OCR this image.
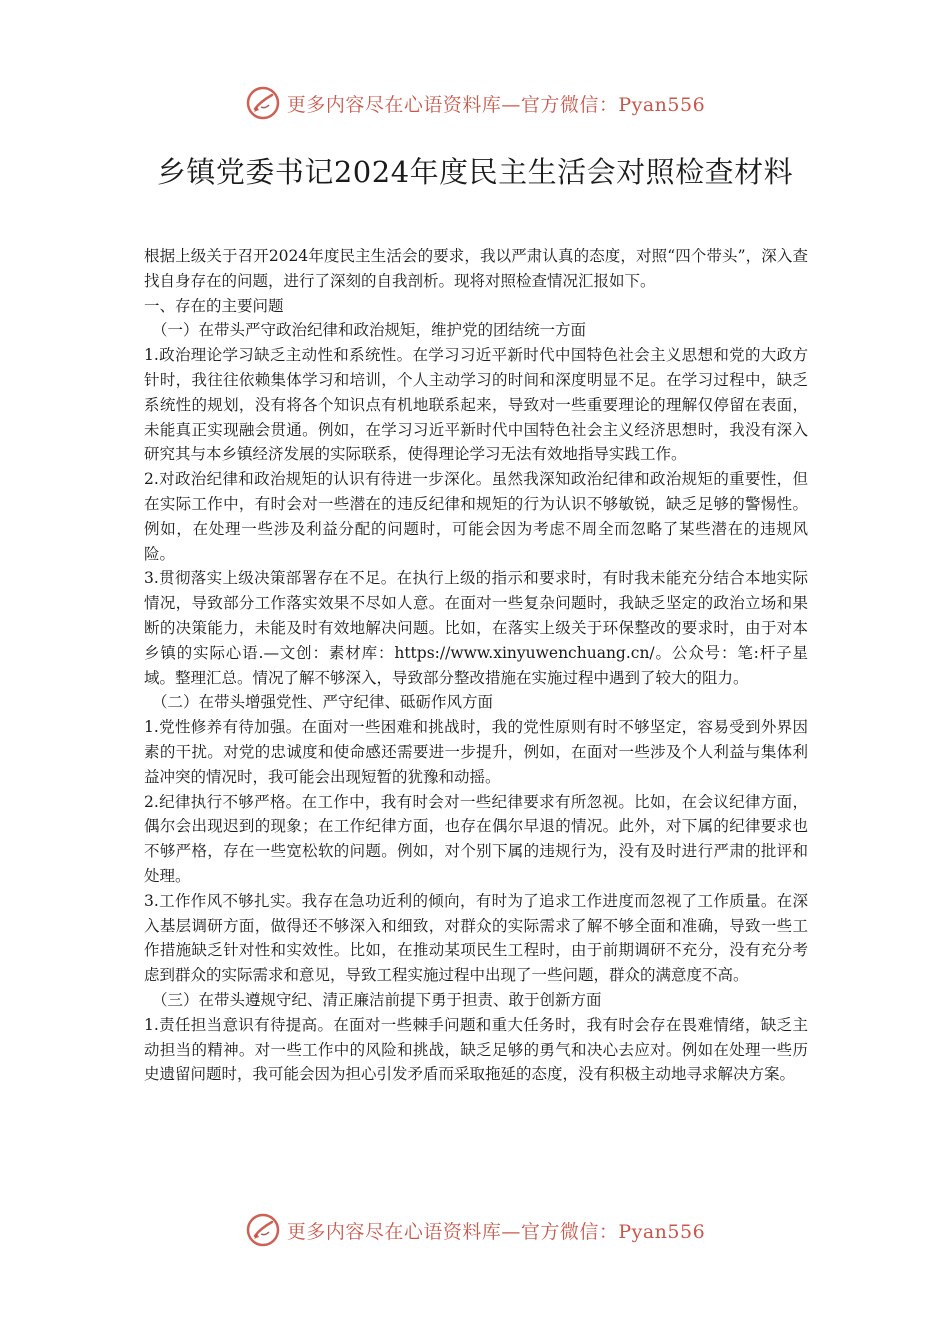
更多内容尽在心语资料库—官方微信：Pyan556
乡镇党委书记2024年度民主生活会对照检查材料

根据上级关于召开2024年度民主生活会的要求，我以严肃认真的态度，对照“四个带头”，深入查找自身存在的问题，进行了深刻的自我剖析。现将对照检查情况汇报如下。

一、存在的主要问题

（一）在带头严守政治纪律和政治规矩，维护党的团结统一方面

1.政治理论学习缺乏主动性和系统性。在学习习近平新时代中国特色社会主义思想和党的大政方针时，我往往依赖集体学习和培训，个人主动学习的时间和深度明显不足。在学习过程中，缺乏系统性的规划，没有将各个知识点有机地联系起来，导致对一些重要理论的理解仅停留在表面，未能真正实现融会贯通。例如，在学习习近平新时代中国特色社会主义经济思想时，我没有深入研究其与本乡镇经济发展的实际联系，使得理论学习无法有效地指导实践工作。

2.对政治纪律和政治规矩的认识有待进一步深化。虽然我深知政治纪律和政治规矩的重要性，但在实际工作中，有时会对一些潜在的违反纪律和规矩的行为认识不够敏锐，缺乏足够的警惕性。例如，在处理一些涉及利益分配的问题时，可能会因为考虑不周全而忽略了某些潜在的违规风险。

3.贯彻落实上级决策部署存在不足。在执行上级的指示和要求时，有时我未能充分结合本地实际情况，导致部分工作落实效果不尽如人意。在面对一些复杂问题时，我缺乏坚定的政治立场和果断的决策能力，未能及时有效地解决问题。比如，在落实上级关于环保整改的要求时，由于对本乡镇的实际心语.—文创：素材库：https://www.xinyuwenchuang.cn/。公众号：笔:杆子星域。整理汇总。情况了解不够深入，导致部分整改措施在实施过程中遇到了较大的阻力。

（二）在带头增强党性、严守纪律、砥砺作风方面

1.党性修养有待加强。在面对一些困难和挑战时，我的党性原则有时不够坚定，容易受到外界因素的干扰。对党的忠诚度和使命感还需要进一步提升，例如，在面对一些涉及个人利益与集体利益冲突的情况时，我可能会出现短暂的犹豫和动摇。

2.纪律执行不够严格。在工作中，我有时会对一些纪律要求有所忽视。比如，在会议纪律方面，偶尔会出现迟到的现象；在工作纪律方面，也存在偶尔早退的情况。此外，对下属的纪律要求也不够严格，存在一些宽松软的问题。例如，对个别下属的违规行为，没有及时进行严肃的批评和处理。

3.工作作风不够扎实。我存在急功近利的倾向，有时为了追求工作进度而忽视了工作质量。在深入基层调研方面，做得还不够深入和细致，对群众的实际需求了解不够全面和准确，导致一些工作措施缺乏针对性和实效性。比如，在推动某项民生工程时，由于前期调研不充分，没有充分考虑到群众的实际需求和意见，导致工程实施过程中出现了一些问题，群众的满意度不高。

（三）在带头遵规守纪、清正廉洁前提下勇于担责、敢于创新方面

1.责任担当意识有待提高。在面对一些棘手问题和重大任务时，我有时会存在畏难情绪，缺乏主动担当的精神。对一些工作中的风险和挑战，缺乏足够的勇气和决心去应对。例如在处理一些历史遗留问题时，我可能会因为担心引发矛盾而采取拖延的态度，没有积极主动地寻求解决方案。

更多内容尽在心语资料库—官方微信：Pyan556
